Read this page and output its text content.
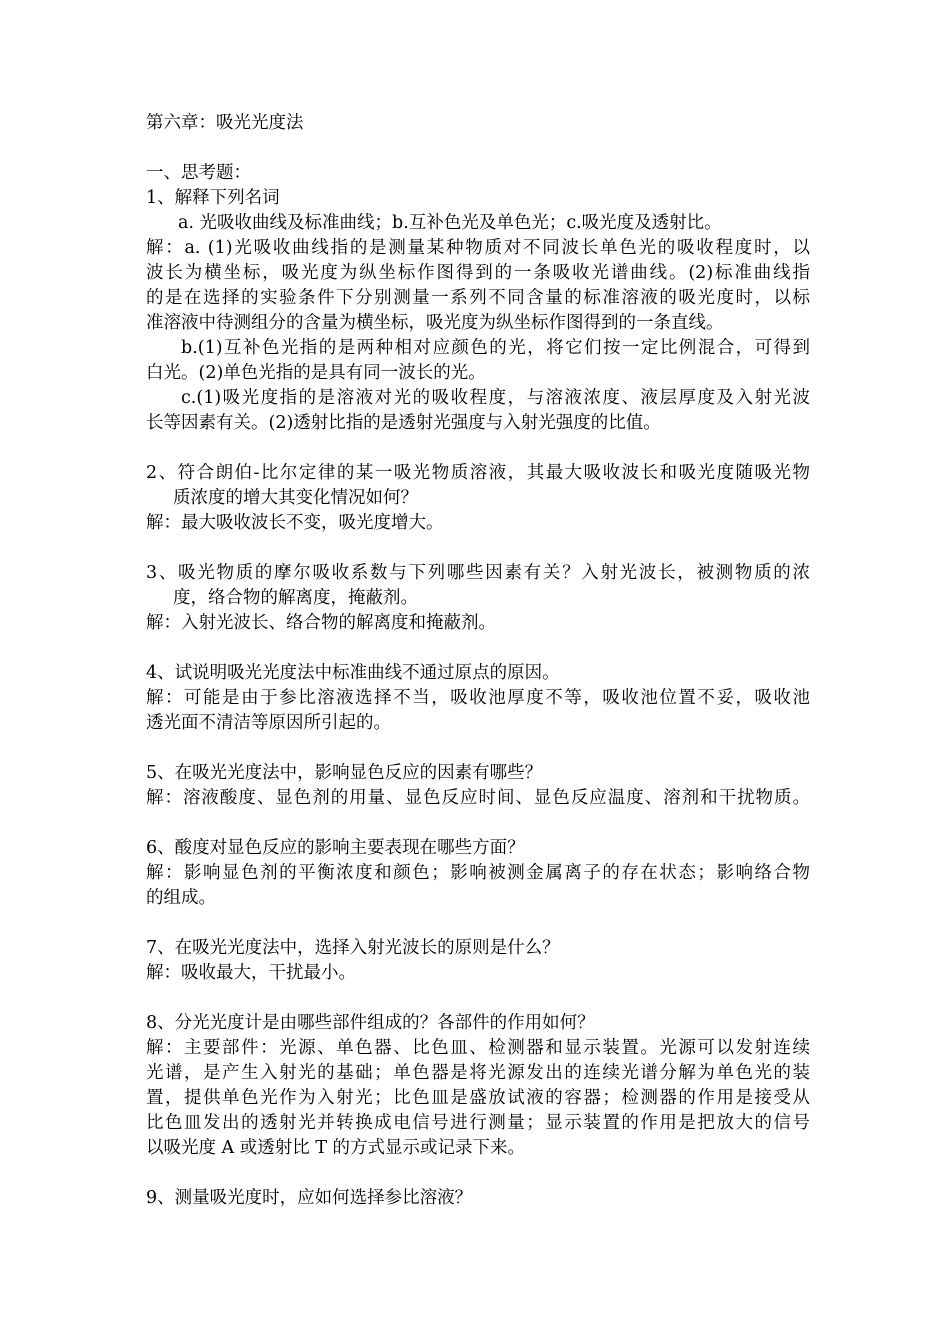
第六章：吸光光度法
一、思考题：
1、解释下列名词
a. 光吸收曲线及标准曲线；b.互补色光及单色光；c.吸光度及透射比。
解：a. (1)光吸收曲线指的是测量某种物质对不同波长单色光的吸收程度时，以
波长为横坐标，吸光度为纵坐标作图得到的一条吸收光谱曲线。(2)标准曲线指
的是在选择的实验条件下分别测量一系列不同含量的标准溶液的吸光度时，以标
准溶液中待测组分的含量为横坐标，吸光度为纵坐标作图得到的一条直线。
b.(1)互补色光指的是两种相对应颜色的光，将它们按一定比例混合，可得到
白光。(2)单色光指的是具有同一波长的光。
c.(1)吸光度指的是溶液对光的吸收程度，与溶液浓度、液层厚度及入射光波
长等因素有关。(2)透射比指的是透射光强度与入射光强度的比值。
2、符合朗伯-比尔定律的某一吸光物质溶液，其最大吸收波长和吸光度随吸光物
质浓度的增大其变化情况如何？
解：最大吸收波长不变，吸光度增大。
3、吸光物质的摩尔吸收系数与下列哪些因素有关？入射光波长，被测物质的浓
度，络合物的解离度，掩蔽剂。
解：入射光波长、络合物的解离度和掩蔽剂。
4、试说明吸光光度法中标准曲线不通过原点的原因。
解：可能是由于参比溶液选择不当，吸收池厚度不等，吸收池位置不妥，吸收池
透光面不清洁等原因所引起的。
5、在吸光光度法中，影响显色反应的因素有哪些？
解：溶液酸度、显色剂的用量、显色反应时间、显色反应温度、溶剂和干扰物质。
6、酸度对显色反应的影响主要表现在哪些方面？
解：影响显色剂的平衡浓度和颜色；影响被测金属离子的存在状态；影响络合物
的组成。
7、在吸光光度法中，选择入射光波长的原则是什么？
解：吸收最大，干扰最小。
8、分光光度计是由哪些部件组成的？各部件的作用如何？
解：主要部件：光源、单色器、比色皿、检测器和显示装置。光源可以发射连续
光谱，是产生入射光的基础；单色器是将光源发出的连续光谱分解为单色光的装
置，提供单色光作为入射光；比色皿是盛放试液的容器；检测器的作用是接受从
比色皿发出的透射光并转换成电信号进行测量；显示装置的作用是把放大的信号
以吸光度 A 或透射比 T 的方式显示或记录下来。
9、测量吸光度时，应如何选择参比溶液？
